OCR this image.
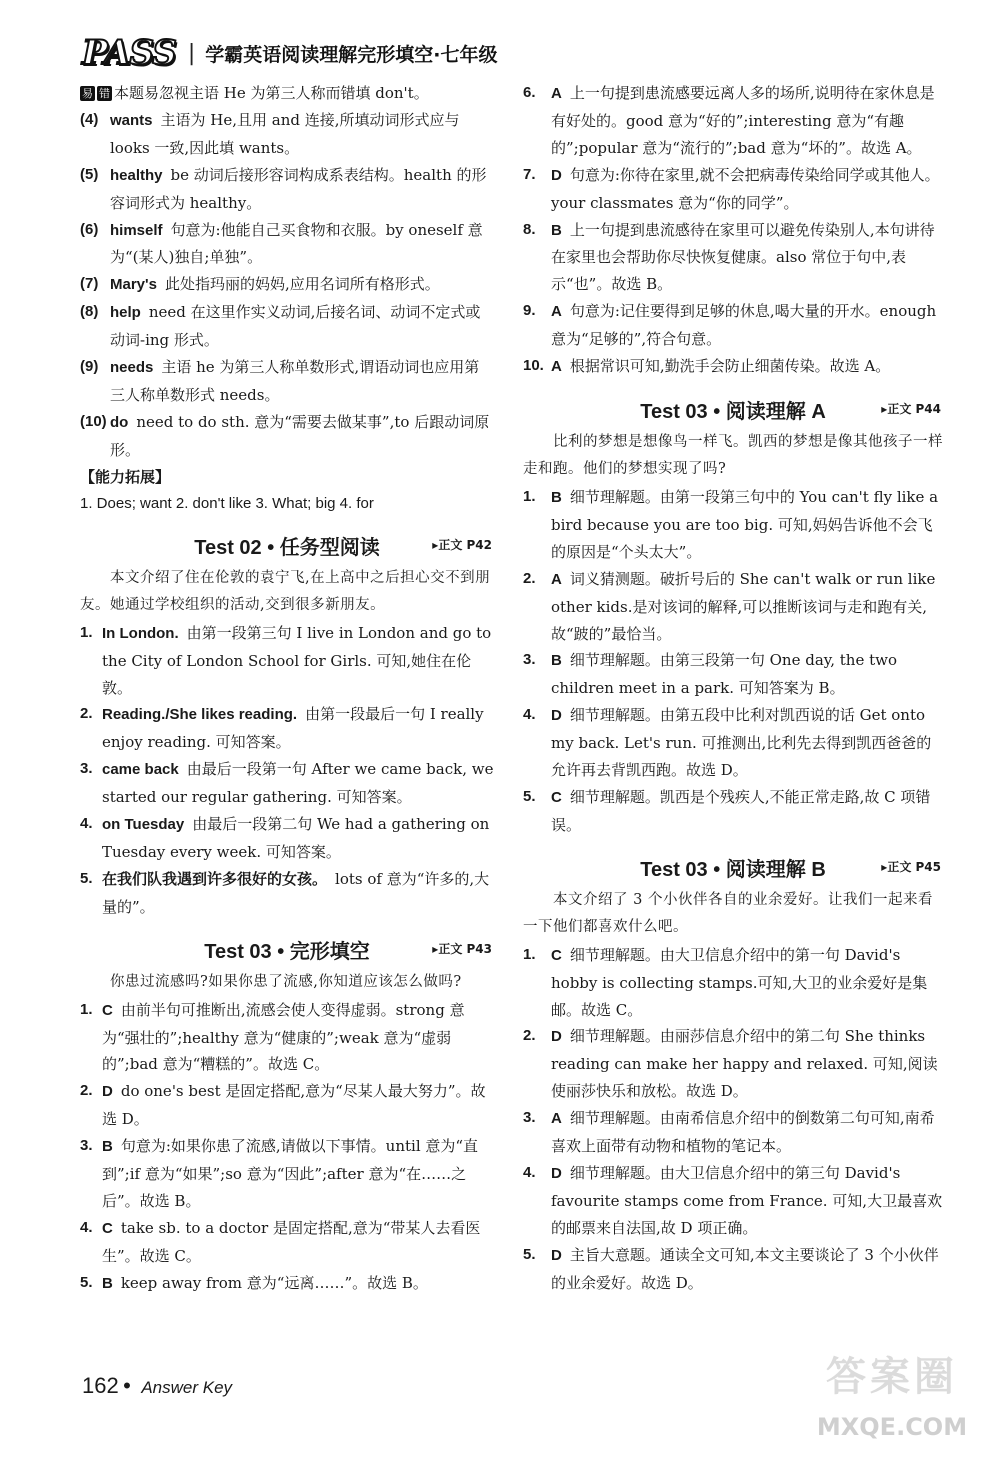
PASS | 学霸英语阅读理解完形填空·七年级

易 错 本题易忽视主语 He 为第三人称而错填 don't。

(4) wants 主语为 He,且用 and 连接,所填动词形式应与 looks 一致,因此填 wants。
(5) healthy be 动词后接形容词构成系表结构。health 的形容词形式为 healthy。
(6) himself 句意为:他能自己买食物和衣服。by oneself 意为“(某人)独自;单独”。
(7) Mary's 此处指玛丽的妈妈,应用名词所有格形式。
(8) help need 在这里作实义动词,后接名词、动词不定式或动词-ing 形式。
(9) needs 主语 he 为第三人称单数形式,谓语动词也应用第三人称单数形式 needs。
(10) do need to do sth. 意为“需要去做某事”,to 后跟动词原形。
【能力拓展】
1. Does; want 2. don't like 3. What; big 4. for
Test 02 • 任务型阅读	▸正文 P42

本文介绍了住在伦敦的袁宁飞,在上高中之后担心交不到朋友。她通过学校组织的活动,交到很多新朋友。

1. In London. 由第一段第三句 I live in London and go to the City of London School for Girls. 可知,她住在伦敦。
2. Reading./She likes reading. 由第一段最后一句 I really enjoy reading. 可知答案。
3. came back 由最后一段第一句 After we came back, we started our regular gathering. 可知答案。
4. on Tuesday 由最后一段第二句 We had a gathering on Tuesday every week. 可知答案。
5. 在我们队我遇到许多很好的女孩。 lots of 意为“许多的,大量的”。
Test 03 • 完形填空	▸正文 P43

你患过流感吗?如果你患了流感,你知道应该怎么做吗?

1. C 由前半句可推断出,流感会使人变得虚弱。strong 意为“强壮的”;healthy 意为“健康的”;weak 意为“虚弱的”;bad 意为“糟糕的”。故选 C。
2. D do one's best 是固定搭配,意为“尽某人最大努力”。故选 D。
3. B 句意为:如果你患了流感,请做以下事情。until 意为“直到”;if 意为“如果”;so 意为“因此”;after 意为“在……之后”。故选 B。
4. C take sb. to a doctor 是固定搭配,意为“带某人去看医生”。故选 C。
5. B keep away from 意为“远离……”。故选 B。
6.	A 上一句提到患流感要远离人多的场所,说明待在家休息是有好处的。good 意为“好的”;interesting 意为“有趣的”;popular 意为“流行的”;bad 意为“坏的”。故选 A。
7.	D 句意为:你待在家里,就不会把病毒传染给同学或其他人。your classmates 意为“你的同学”。
8.	B 上一句提到患流感待在家里可以避免传染别人,本句讲待在家里也会帮助你尽快恢复健康。also 常位于句中,表示“也”。故选 B。
9.	A 句意为:记住要得到足够的休息,喝大量的开水。enough 意为“足够的”,符合句意。
10. A 根据常识可知,勤洗手会防止细菌传染。故选 A。
Test 03 • 阅读理解 A	▸正文 P44

比利的梦想是想像鸟一样飞。凯西的梦想是像其他孩子一样走和跑。他们的梦想实现了吗?

1.	B 细节理解题。由第一段第三句中的 You can't fly like a bird because you are too big. 可知,妈妈告诉他不会飞的原因是“个头太大”。
2.	A 词义猜测题。破折号后的 She can't walk or run like other kids.是对该词的解释,可以推断该词与走和跑有关,故“跛的”最恰当。
3.	B 细节理解题。由第三段第一句 One day, the two children meet in a park. 可知答案为 B。
4.	D 细节理解题。由第五段中比利对凯西说的话 Get onto my back. Let's run. 可推测出,比利先去得到凯西爸爸的允许再去背凯西跑。故选 D。
5.	C 细节理解题。凯西是个残疾人,不能正常走路,故 C 项错误。
Test 03 • 阅读理解 B	▸正文 P45

本文介绍了 3 个小伙伴各自的业余爱好。让我们一起来看一下他们都喜欢什么吧。

1.	C 细节理解题。由大卫信息介绍中的第一句 David's hobby is collecting stamps.可知,大卫的业余爱好是集邮。故选 C。
2.	D 细节理解题。由丽莎信息介绍中的第二句 She thinks reading can make her happy and relaxed. 可知,阅读使丽莎快乐和放松。故选 D。
3.	A 细节理解题。由南希信息介绍中的倒数第二句可知,南希喜欢上面带有动物和植物的笔记本。
4.	D 细节理解题。由大卫信息介绍中的第三句 David's favourite stamps come from France. 可知,大卫最喜欢的邮票来自法国,故 D 项正确。
5.	D 主旨大意题。通读全文可知,本文主要谈论了 3 个小伙伴的业余爱好。故选 D。
162 • Answer Key	答案圈
MXQE.COM
